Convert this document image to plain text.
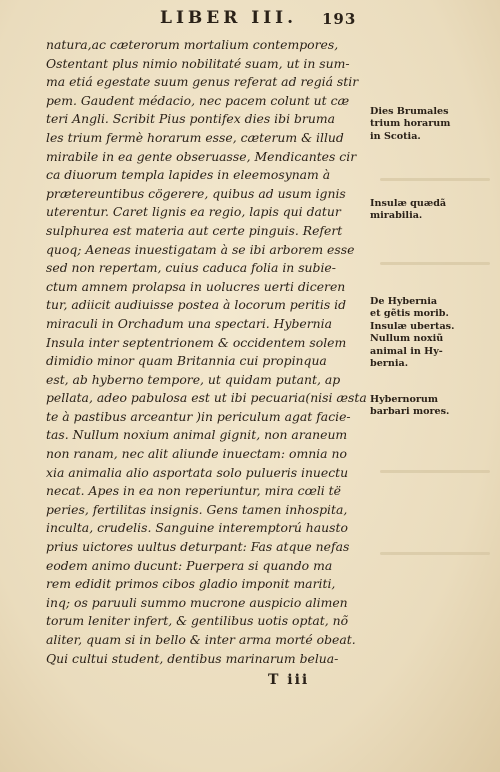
LIBER III. 193
natura,ac cæterorum mortalium contempores,
Ostentant plus nimio nobilitaté suam, ut in sum-
ma etiá egestate suum genus referat ad regiá stir
pem. Gaudent médacio, nec pacem colunt ut cæ
teri Angli. Scribit Pius pontifex dies ibi bruma
les trium fermè horarum esse, cæterum & illud
mirabile in ea gente obseruasse, Mendicantes cir
ca diuorum templa lapides in eleemosynam à
prætereuntibus cögerere, quibus ad usum ignis
uterentur. Caret lignis ea regio, lapis qui datur
sulphurea est materia aut certe pinguis. Refert
quoq; Aeneas inuestigatam à se ibi arborem esse
sed non repertam, cuius caduca folia in subie-
ctum amnem prolapsa in uolucres uerti diceren
tur, adiicit audiuisse postea à locorum peritis id
miraculi in Orchadum una spectari. Hybernia
Insula inter septentrionem & occidentem solem
dimidio minor quam Britannia cui propinqua
est, ab hyberno tempore, ut quidam putant, ap
pellata, adeo pabulosa est ut ibi pecuaria(nisi æsta
te à pastibus arceantur )in periculum agat facie-
tas. Nullum noxium animal gignit, non araneum
non ranam, nec alit aliunde inuectam: omnia no
xia animalia alio asportata solo pulueris inuectu
necat. Apes in ea non reperiuntur, mira cœli të
peries, fertilitas insignis. Gens tamen inhospita,
inculta, crudelis. Sanguine interemptorú hausto
prius uictores uultus deturpant: Fas atque nefas
eodem animo ducunt: Puerpera si quando ma
rem edidit primos cibos gladio imponit mariti,
inq; os paruuli summo mucrone auspicio alimen
torum leniter infert, & gentilibus uotis optat, nõ
aliter, quam si in bello & inter arma morté obeat.
Qui cultui student, dentibus marinarum belua-
Dies Brumales
trium horarum
in Scotia.
Insulæ quædã
mirabilia.
De Hybernia
et gẽtis morib.
Insulæ ubertas.
Nullum noxiũ
animal in Hy-
bernia.
Hybernorum
barbari mores.
T iii
